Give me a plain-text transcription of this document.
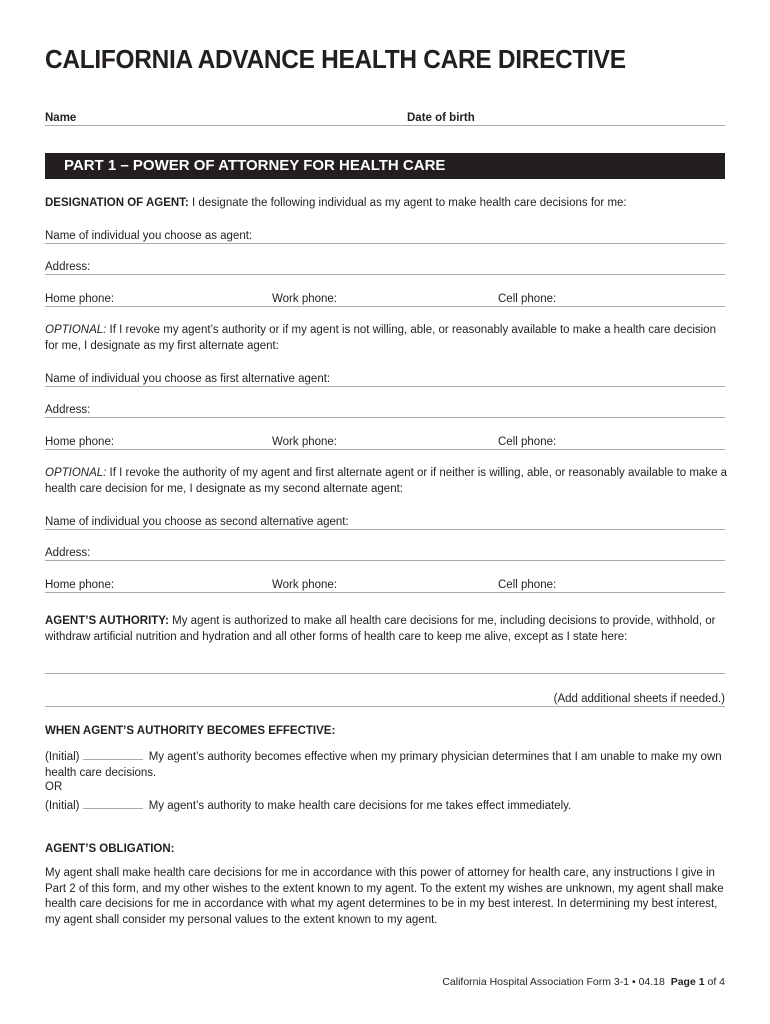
CALIFORNIA ADVANCE HEALTH CARE DIRECTIVE
Name	Date of birth
PART 1 – POWER OF ATTORNEY FOR HEALTH CARE
DESIGNATION OF AGENT: I designate the following individual as my agent to make health care decisions for me:
Name of individual you choose as agent:
Address:
Home phone:	Work phone:	Cell phone:
OPTIONAL: If I revoke my agent’s authority or if my agent is not willing, able, or reasonably available to make a health care decision for me, I designate as my first alternate agent:
Name of individual you choose as first alternative agent:
Address:
Home phone:	Work phone:	Cell phone:
OPTIONAL: If I revoke the authority of my agent and first alternate agent or if neither is willing, able, or reasonably available to make a health care decision for me, I designate as my second alternate agent:
Name of individual you choose as second alternative agent:
Address:
Home phone:	Work phone:	Cell phone:
AGENT’S AUTHORITY: My agent is authorized to make all health care decisions for me, including decisions to provide, withhold, or withdraw artificial nutrition and hydration and all other forms of health care to keep me alive, except as I state here:
(Add additional sheets if needed.)
WHEN AGENT’S AUTHORITY BECOMES EFFECTIVE:
(Initial)	My agent’s authority becomes effective when my primary physician determines that I am unable to make my own health care decisions.
OR
(Initial)	My agent’s authority to make health care decisions for me takes effect immediately.
AGENT’S OBLIGATION:
My agent shall make health care decisions for me in accordance with this power of attorney for health care, any instructions I give in Part 2 of this form, and my other wishes to the extent known to my agent. To the extent my wishes are unknown, my agent shall make health care decisions for me in accordance with what my agent determines to be in my best interest. In determining my best interest, my agent shall consider my personal values to the extent known to my agent.
California Hospital Association Form 3-1 • 04.18 Page 1 of 4
